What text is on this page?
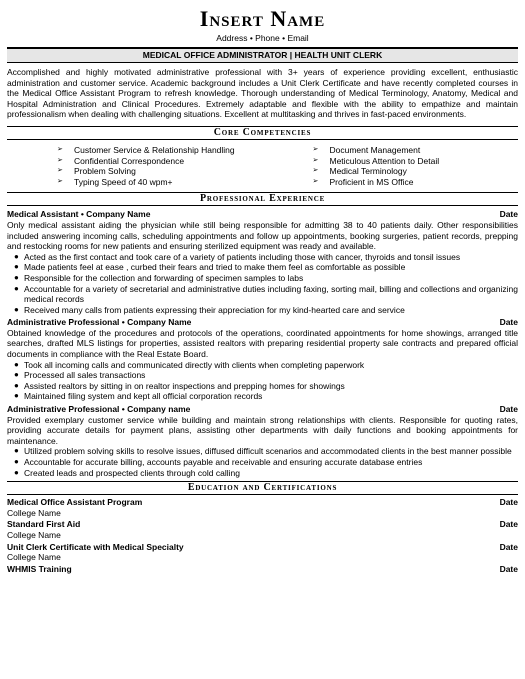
Insert Name
Address • Phone • Email
MEDICAL OFFICE ADMINISTRATOR | HEALTH UNIT CLERK
Accomplished and highly motivated administrative professional with 3+ years of experience providing excellent, enthusiastic administration and customer service. Academic background includes a Unit Clerk Certificate and have recently completed courses in the Medical Office Assistant Program to refresh knowledge. Thorough understanding of Medical Terminology, Anatomy, Medical and Hospital Administration and Clinical Procedures. Extremely adaptable and flexible with the ability to empathize and maintain professionalism when dealing with challenging situations. Excellent at multitasking and thrives in fast-paced environments.
Core Competencies
➢ Customer Service & Relationship Handling
➢ Confidential Correspondence
➢ Problem Solving
➢ Typing Speed of 40 wpm+
➢ Document Management
➢ Meticulous Attention to Detail
➢ Medical Terminology
➢ Proficient in MS Office
Professional Experience
Medical Assistant • Company Name	Date
Only medical assistant aiding the physician while still being responsible for admitting 38 to 40 patients daily. Other responsibilities included answering incoming calls, scheduling appointments and follow up appointments, booking surgeries, patient records, prepping and restocking rooms for new patients and ensuring sterilized equipment was ready and available.
● Acted as the first contact and took care of a variety of patients including those with cancer, thyroids and tonsil issues
● Made patients feel at ease , curbed their fears and tried to make them feel as comfortable as possible
● Responsible for the collection and forwarding of specimen samples to labs
● Accountable for a variety of secretarial and administrative duties including faxing, sorting mail, billing and collections and organizing medical records
● Received many calls from patients expressing their appreciation for my kind-hearted care and service
Administrative Professional • Company Name	Date
Obtained knowledge of the procedures and protocols of the operations, coordinated appointments for home showings, arranged title searches, drafted MLS listings for properties, assisted realtors with preparing residential property sale contracts and prepared official documents in compliance with the Real Estate Board.
● Took all incoming calls and communicated directly with clients when completing paperwork
● Processed all sales transactions
● Assisted realtors by sitting in on realtor inspections and prepping homes for showings
● Maintained filing system and kept all official corporation records
Administrative Professional • Company name	Date
Provided exemplary customer service while building and maintain strong relationships with clients. Responsible for quoting rates, providing accurate details for payment plans, assisting other departments with daily functions and booking appointments for maintenance.
● Utilized problem solving skills to resolve issues, diffused difficult scenarios and accommodated clients in the best manner possible
● Accountable for accurate billing, accounts payable and receivable and ensuring accurate database entries
● Created leads and prospected clients through cold calling
Education and Certifications
Medical Office Assistant Program	Date
College Name
Standard First Aid	Date
College Name
Unit Clerk Certificate with Medical Specialty	Date
College Name
WHMIS Training	Date
